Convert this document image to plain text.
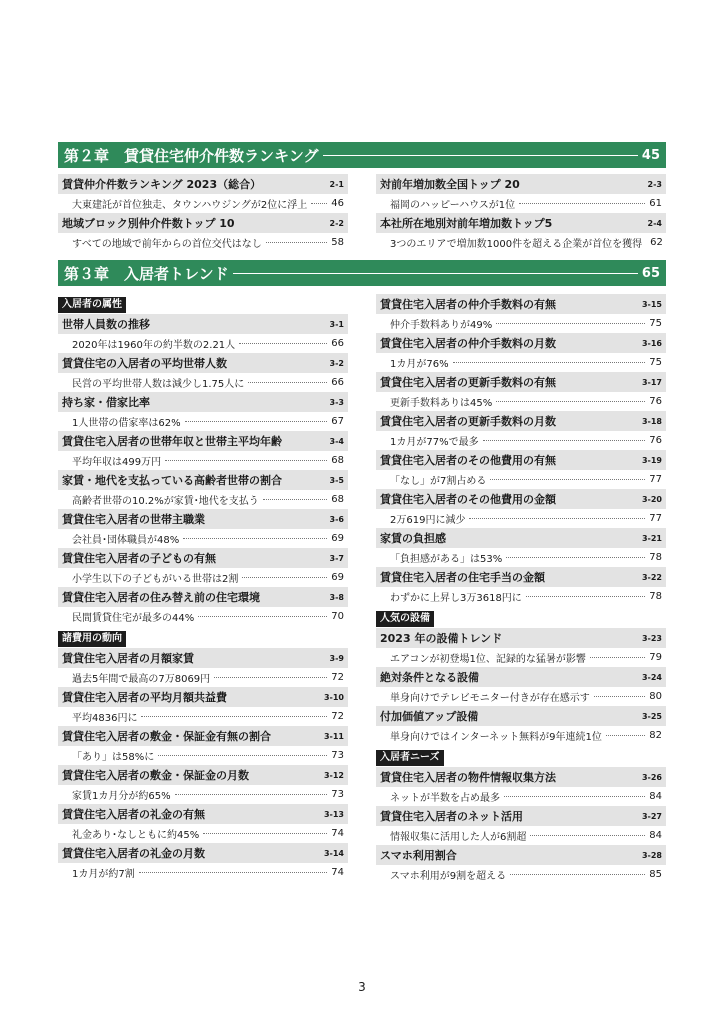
第２章　賃貸住宅仲介件数ランキング	45
賃貸仲介件数ランキング 2023（総合）	2-1
大東建託が首位独走、タウンハウジングが2位に浮上 46
地域ブロック別仲介件数トップ 10	2-2
すべての地域で前年からの首位交代はなし	58
対前年増加数全国トップ 20	2-3
福岡のハッピーハウスが1位	61
本社所在地別対前年増加数トップ5	2-4
3つのエリアで増加数1000件を超える企業が首位を獲得 62
第３章　入居者トレンド	65
入居者の属性
世帯人員数の推移	3-1
2020年は1960年の約半数の2.21人	66
賃貸住宅の入居者の平均世帯人数	3-2
民営の平均世帯人数は減少し1.75人に	66
持ち家・借家比率	3-3
1人世帯の借家率は62%	67
賃貸住宅入居者の世帯年収と世帯主平均年齢	3-4
平均年収は499万円	68
家賃・地代を支払っている高齢者世帯の割合	3-5
高齢者世帯の10.2%が家賃･地代を支払う	68
賃貸住宅入居者の世帯主職業	3-6
会社員･団体職員が48%	69
賃貸住宅入居者の子どもの有無	3-7
小学生以下の子どもがいる世帯は2割	69
賃貸住宅入居者の住み替え前の住宅環境	3-8
民間賃貸住宅が最多の44%	70
諸費用の動向
賃貸住宅入居者の月額家賃	3-9
過去5年間で最高の7万8069円	72
賃貸住宅入居者の平均月額共益費	3-10
平均4836円に	72
賃貸住宅入居者の敷金・保証金有無の割合	3-11
「あり」は58%に	73
賃貸住宅入居者の敷金・保証金の月数	3-12
家賃1カ月分が約65%	73
賃貸住宅入居者の礼金の有無	3-13
礼金あり･なしともに約45%	74
賃貸住宅入居者の礼金の月数	3-14
1カ月が約7割	74
賃貸住宅入居者の仲介手数料の有無	3-15
仲介手数料ありが49%	75
賃貸住宅入居者の仲介手数料の月数	3-16
1カ月が76%	75
賃貸住宅入居者の更新手数料の有無	3-17
更新手数料ありは45%	76
賃貸住宅入居者の更新手数料の月数	3-18
1カ月が77%で最多	76
賃貸住宅入居者のその他費用の有無	3-19
「なし」が7割占める	77
賃貸住宅入居者のその他費用の金額	3-20
2万619円に減少	77
家賃の負担感	3-21
「負担感がある」は53%	78
賃貸住宅入居者の住宅手当の金額	3-22
わずかに上昇し3万3618円に	78
人気の設備
2023 年の設備トレンド	3-23
エアコンが初登場1位、記録的な猛暑が影響	79
絶対条件となる設備	3-24
単身向けでテレビモニター付きが存在感示す	80
付加価値アップ設備	3-25
単身向けではインターネット無料が9年連続1位	82
入居者ニーズ
賃貸住宅入居者の物件情報収集方法	3-26
ネットが半数を占め最多	84
賃貸住宅入居者のネット活用	3-27
情報収集に活用した人が6割超	84
スマホ利用割合	3-28
スマホ利用が9割を超える	85
3
